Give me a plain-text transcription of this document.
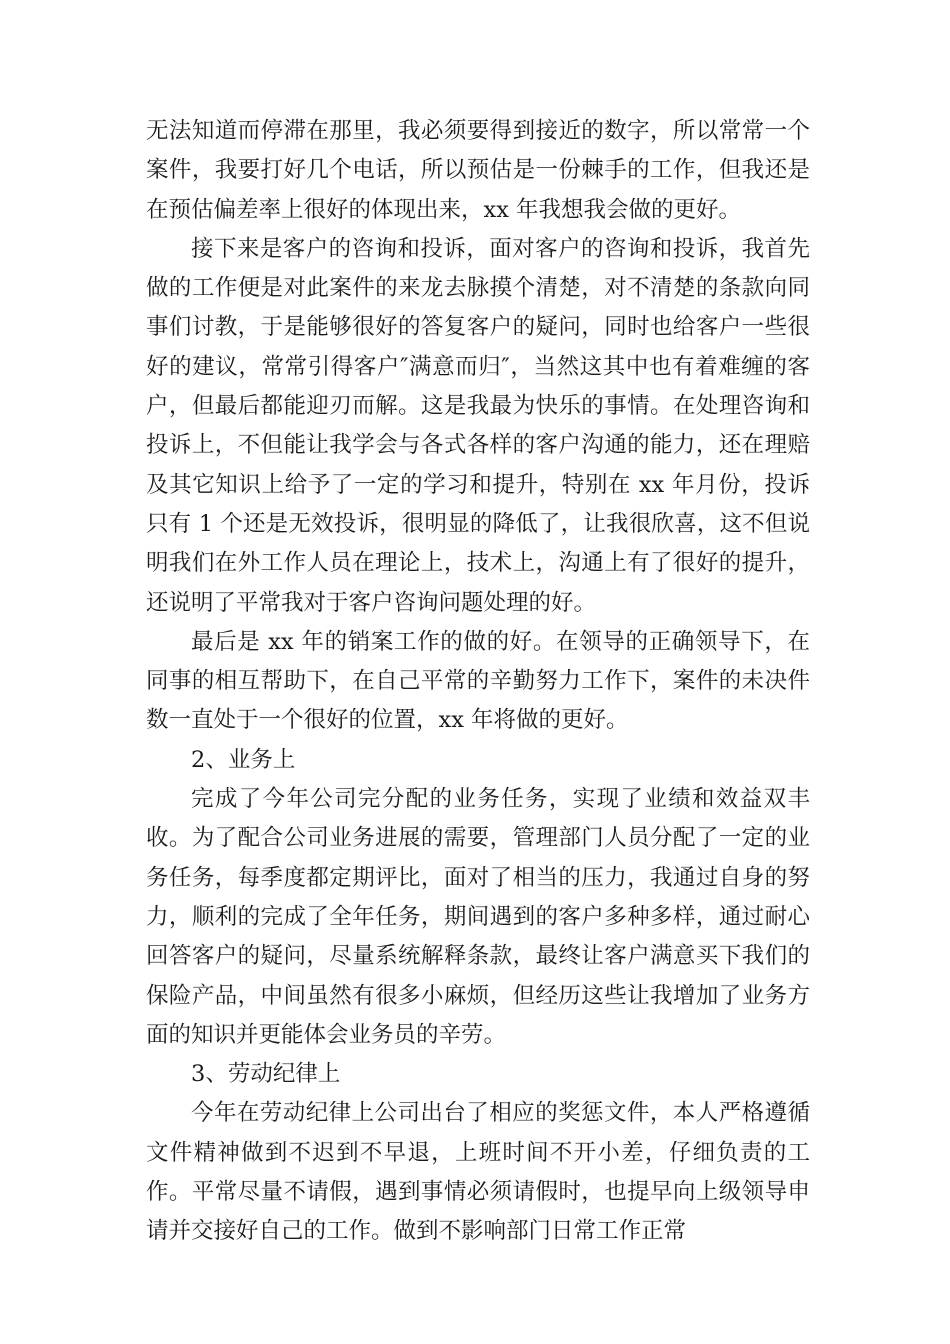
无法知道而停滞在那里，我必须要得到接近的数字，所以常常一个案件，我要打好几个电话，所以预估是一份棘手的工作，但我还是在预估偏差率上很好的体现出来，xx 年我想我会做的更好。

接下来是客户的咨询和投诉，面对客户的咨询和投诉，我首先做的工作便是对此案件的来龙去脉摸个清楚，对不清楚的条款向同事们讨教，于是能够很好的答复客户的疑问，同时也给客户一些很好的建议，常常引得客户″满意而归″，当然这其中也有着难缠的客户，但最后都能迎刃而解。这是我最为快乐的事情。在处理咨询和投诉上，不但能让我学会与各式各样的客户沟通的能力，还在理赔及其它知识上给予了一定的学习和提升，特别在 xx 年月份，投诉只有 1 个还是无效投诉，很明显的降低了，让我很欣喜，这不但说明我们在外工作人员在理论上，技术上，沟通上有了很好的提升，还说明了平常我对于客户咨询问题处理的好。

最后是 xx 年的销案工作的做的好。在领导的正确领导下，在同事的相互帮助下，在自己平常的辛勤努力工作下，案件的未决件数一直处于一个很好的位置，xx 年将做的更好。

2、业务上

完成了今年公司完分配的业务任务，实现了业绩和效益双丰收。为了配合公司业务进展的需要，管理部门人员分配了一定的业务任务，每季度都定期评比，面对了相当的压力，我通过自身的努力，顺利的完成了全年任务，期间遇到的客户多种多样，通过耐心回答客户的疑问，尽量系统解释条款，最终让客户满意买下我们的保险产品，中间虽然有很多小麻烦，但经历这些让我增加了业务方面的知识并更能体会业务员的辛劳。

3、劳动纪律上

今年在劳动纪律上公司出台了相应的奖惩文件，本人严格遵循文件精神做到不迟到不早退，上班时间不开小差，仔细负责的工作。平常尽量不请假，遇到事情必须请假时，也提早向上级领导申请并交接好自己的工作。做到不影响部门日常工作正常
